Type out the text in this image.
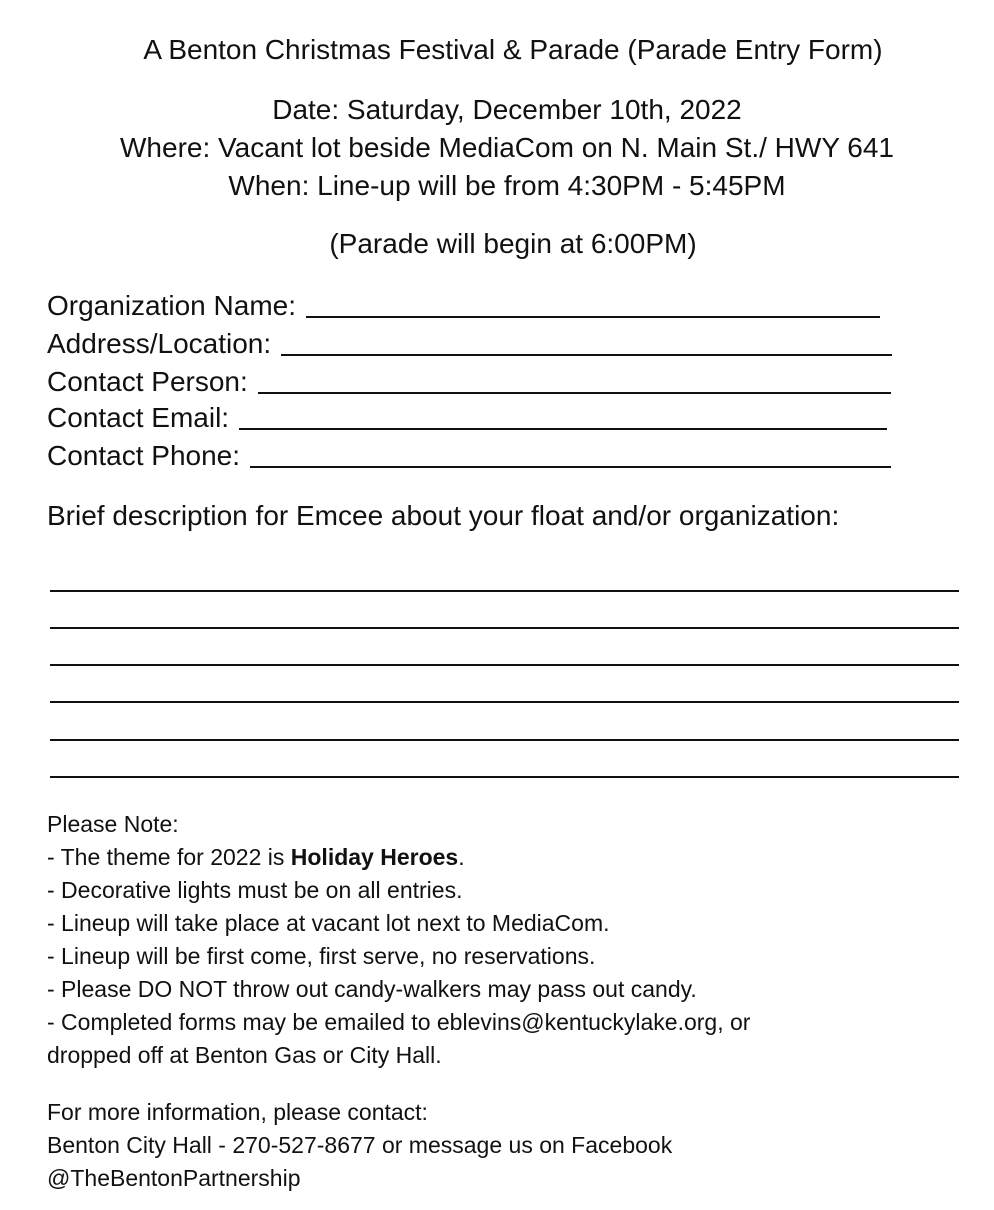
A Benton Christmas Festival & Parade (Parade Entry Form)
Date: Saturday, December 10th, 2022
Where: Vacant lot beside MediaCom on N. Main St./ HWY 641
When: Line-up will be from 4:30PM - 5:45PM
(Parade will begin at 6:00PM)
Organization Name:
Address/Location:
Contact Person:
Contact Email:
Contact Phone:
Brief description for Emcee about your float and/or organization:
Please Note:
- The theme for 2022 is Holiday Heroes.
- Decorative lights must be on all entries.
- Lineup will take place at vacant lot next to MediaCom.
- Lineup will be first come, first serve, no reservations.
- Please DO NOT throw out candy-walkers may pass out candy.
- Completed forms may be emailed to eblevins@kentuckylake.org, or
dropped off at Benton Gas or City Hall.
For more information, please contact:
Benton City Hall - 270-527-8677 or message us on Facebook
@TheBentonPartnership
